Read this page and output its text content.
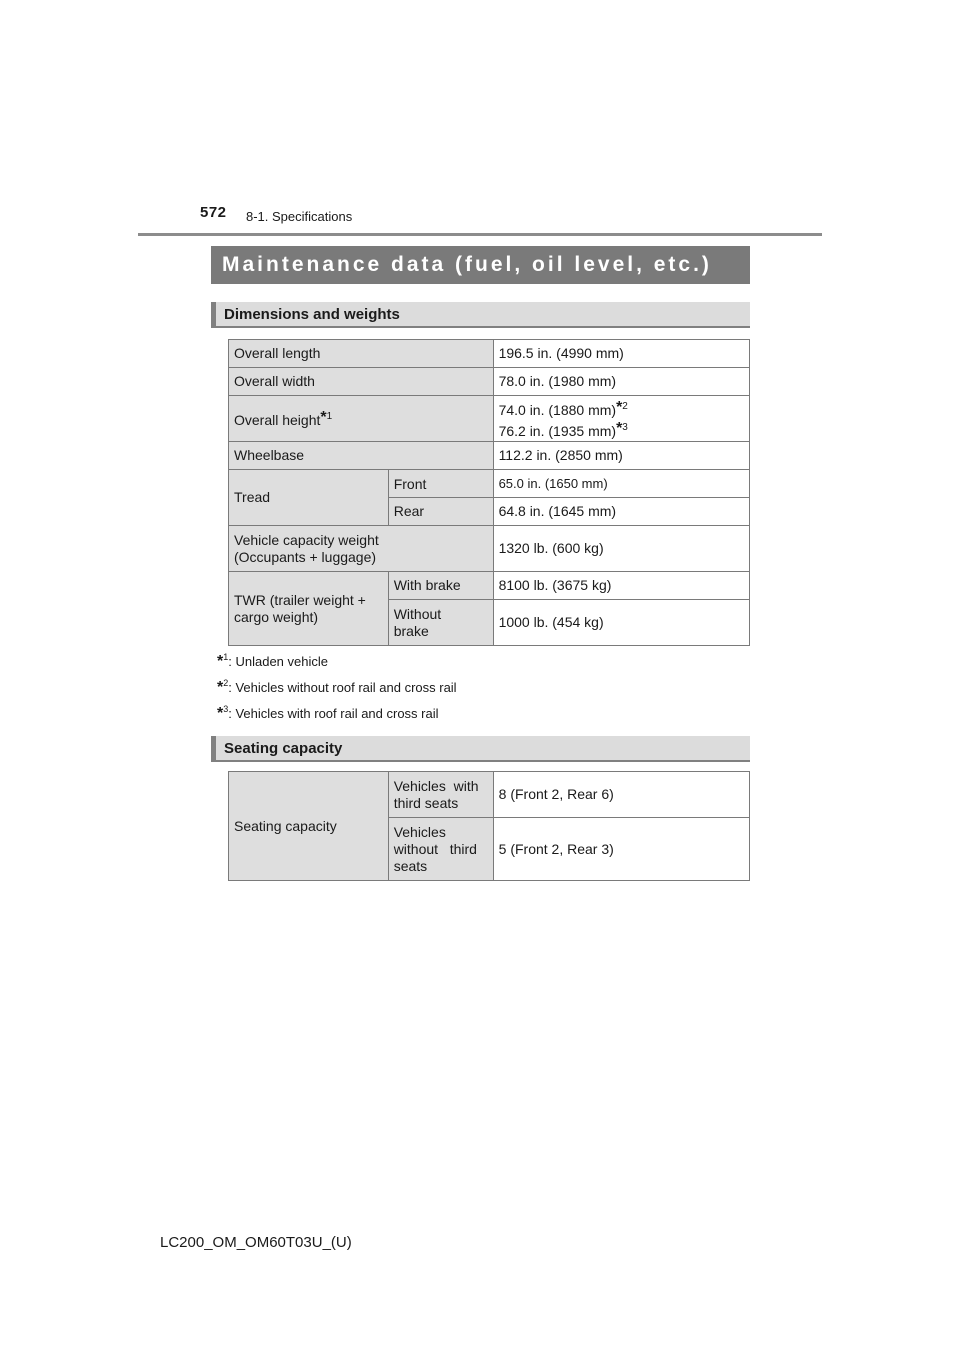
572 8-1. Specifications
Maintenance data (fuel, oil level, etc.)
Dimensions and weights
Overall length		196.5 in. (4990 mm)
Overall width		78.0 in. (1980 mm)
Overall height$^{*1}$		74.0 in. (1880 mm)$^{*2}$
76.2 in. (1935 mm)$^{*3}$
Wheelbase		112.2 in. (2850 mm)
Tread	Front	65.0 in. (1650 mm)
	Rear	64.8 in. (1645 mm)
Vehicle capacity weight
(Occupants + luggage)		1320 lb. (600 kg)
TWR (trailer weight +
cargo weight)	With brake	8100 lb. (3675 kg)
	Without
brake	1000 lb. (454 kg)
*$^1$: Unladen vehicle
*$^2$: Vehicles without roof rail and cross rail
*$^3$: Vehicles with roof rail and cross rail
Seating capacity
Seating capacity	Vehicles  with
third seats	8 (Front 2, Rear 6)
	Vehicles
without   third
seats	5 (Front 2, Rear 3)
LC200_OM_OM60T03U_(U)
